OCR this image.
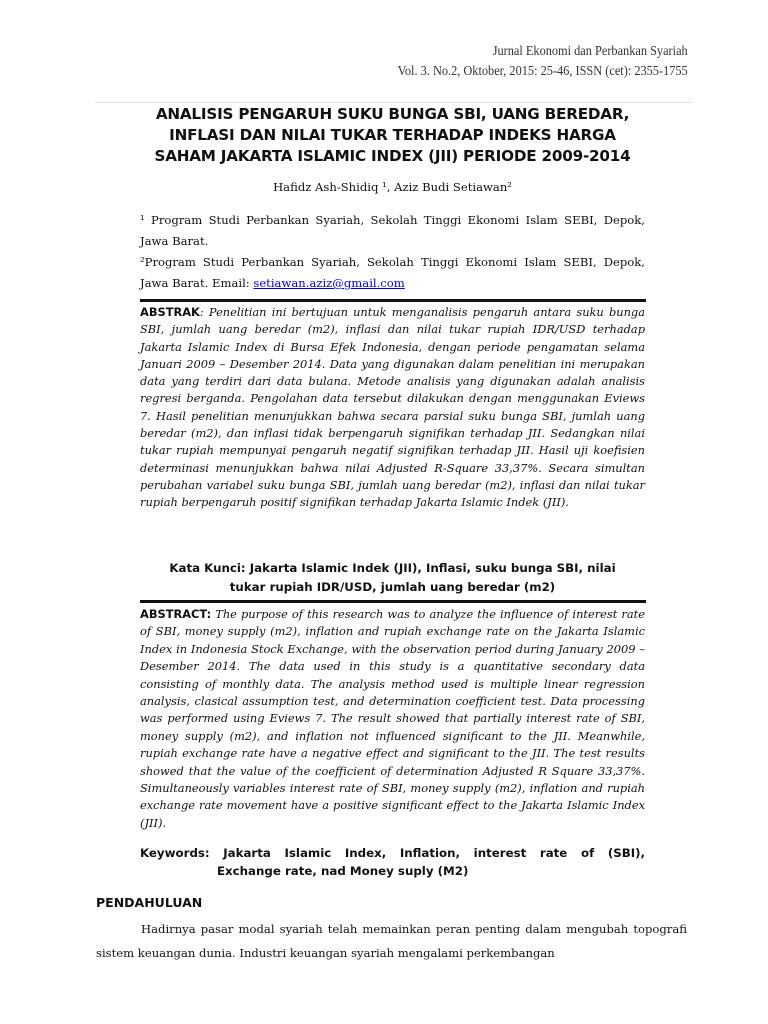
Jurnal Ekonomi dan Perbankan Syariah
Vol. 3. No.2, Oktober, 2015: 25-46, ISSN (cet): 2355-1755
ANALISIS PENGARUH SUKU BUNGA SBI, UANG BEREDAR,
INFLASI DAN NILAI TUKAR TERHADAP INDEKS HARGA
SAHAM JAKARTA ISLAMIC INDEX (JII) PERIODE 2009-2014
Hafidz Ash-Shidiq ¹, Aziz Budi Setiawan²

¹ Program Studi Perbankan Syariah, Sekolah Tinggi Ekonomi Islam SEBI, Depok, Jawa Barat.

²Program Studi Perbankan Syariah, Sekolah Tinggi Ekonomi Islam SEBI, Depok, Jawa Barat. Email: setiawan.aziz@gmail.com

ABSTRAK: Penelitian ini bertujuan untuk menganalisis pengaruh antara suku bunga SBI, jumlah uang beredar (m2), inflasi dan nilai tukar rupiah IDR/USD terhadap Jakarta Islamic Index di Bursa Efek Indonesia, dengan periode pengamatan selama Januari 2009 – Desember 2014. Data yang digunakan dalam penelitian ini merupakan data yang terdiri dari data bulana. Metode analisis yang digunakan adalah analisis regresi berganda. Pengolahan data tersebut dilakukan dengan menggunakan Eviews 7. Hasil penelitian menunjukkan bahwa secara parsial suku bunga SBI, jumlah uang beredar (m2), dan inflasi tidak berpengaruh signifikan terhadap JII. Sedangkan nilai tukar rupiah mempunyai pengaruh negatif signifikan terhadap JII. Hasil uji koefisien determinasi menunjukkan bahwa nilai Adjusted R-Square 33,37%. Secara simultan perubahan variabel suku bunga SBI, jumlah uang beredar (m2), inflasi dan nilai tukar rupiah berpengaruh positif signifikan terhadap Jakarta Islamic Indek (JII).
Kata Kunci: Jakarta Islamic Indek (JII), Inflasi, suku bunga SBI, nilai
tukar rupiah IDR/USD, jumlah uang beredar (m2)
ABSTRACT: The purpose of this research was to analyze the influence of interest rate of SBI, money supply (m2), inflation and rupiah exchange rate on the Jakarta Islamic Index in Indonesia Stock Exchange, with the observation period during January 2009 – Desember 2014. The data used in this study is a quantitative secondary data consisting of monthly data. The analysis method used is multiple linear regression analysis, clasical assumption test, and determination coefficient test. Data processing was performed using Eviews 7. The result showed that partially interest rate of SBI, money supply (m2), and inflation not influenced significant to the JII. Meanwhile, rupiah exchange rate have a negative effect and significant to the JII. The test results showed that the value of the coefficient of determination Adjusted R Square 33,37%. Simultaneously variables interest rate of SBI, money supply (m2), inflation and rupiah exchange rate movement have a positive significant effect to the Jakarta Islamic Index (JII).
Keywords: Jakarta Islamic Index, Inflation, interest rate of (SBI),
Exchange rate, nad Money suply (M2)
PENDAHULUAN
Hadirnya pasar modal syariah telah memainkan peran penting dalam mengubah topografi sistem keuangan dunia. Industri keuangan syariah mengalami perkembangan
